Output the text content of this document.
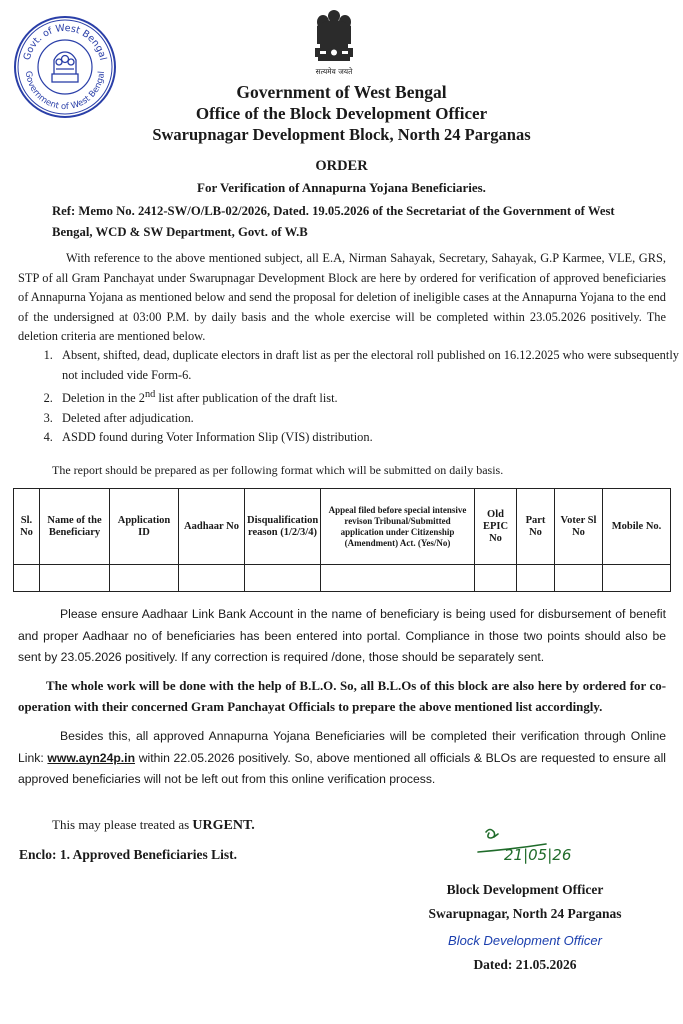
Govt. of West Bengal
Government of West Bengal	सत्यमेव जयते
Government of West Bengal
Office of the Block Development Officer
Swarupnagar Development Block, North 24 Parganas
ORDER
For Verification of Annapurna Yojana Beneficiaries.
Ref: Memo No. 2412-SW/O/LB-02/2026, Dated. 19.05.2026 of the Secretariat of the Government of West Bengal, WCD & SW Department, Govt. of W.B
With reference to the above mentioned subject, all E.A, Nirman Sahayak, Secretary, Sahayak, G.P Karmee, VLE, GRS, STP of all Gram Panchayat under Swarupnagar Development Block are here by ordered for verification of approved beneficiaries of Annapurna Yojana as mentioned below and send the proposal for deletion of ineligible cases at the Annapurna Yojana to the end of the undersigned at 03:00 P.M. by daily basis and the whole exercise will be completed within 23.05.2026 positively. The deletion criteria are mentioned below.
1. Absent, shifted, dead, duplicate electors in draft list as per the electoral roll published on 16.12.2025 who were subsequently not included vide Form-6.
2. Deletion in the 2nd list after publication of the draft list.
3. Deleted after adjudication.
4. ASDD found during Voter Information Slip (VIS) distribution.
The report should be prepared as per following format which will be submitted on daily basis.
Sl. No	Name of the Beneficiary	Application ID	Aadhaar No	Disqualification reason (1/2/3/4)	Appeal filed before special intensive revison Tribunal/Submitted application under Citizenship (Amendment) Act. (Yes/No)	Old EPIC No	Part No	Voter Sl No	Mobile No.

Please ensure Aadhaar Link Bank Account in the name of beneficiary is being used for disbursement of benefit and proper Aadhaar no of beneficiaries has been entered into portal. Compliance in those two points should also be sent by 23.05.2026 positively. If any correction is required /done, those should be separately sent.
The whole work will be done with the help of B.L.O. So, all B.L.Os of this block are also here by ordered for co-operation with their concerned Gram Panchayat Officials to prepare the above mentioned list accordingly.
Besides this, all approved Annapurna Yojana Beneficiaries will be completed their verification through Online Link: www.ayn24p.in within 22.05.2026 positively. So, above mentioned all officials & BLOs are requested to ensure all approved beneficiaries will not be left out from this online verification process.
This may please treated as URGENT.
Enclo: 1. Approved Beneficiaries List.	21|05|26
Block Development Officer
Swarupnagar, North 24 Parganas
Block Development Officer
Dated: 21.05.2026
